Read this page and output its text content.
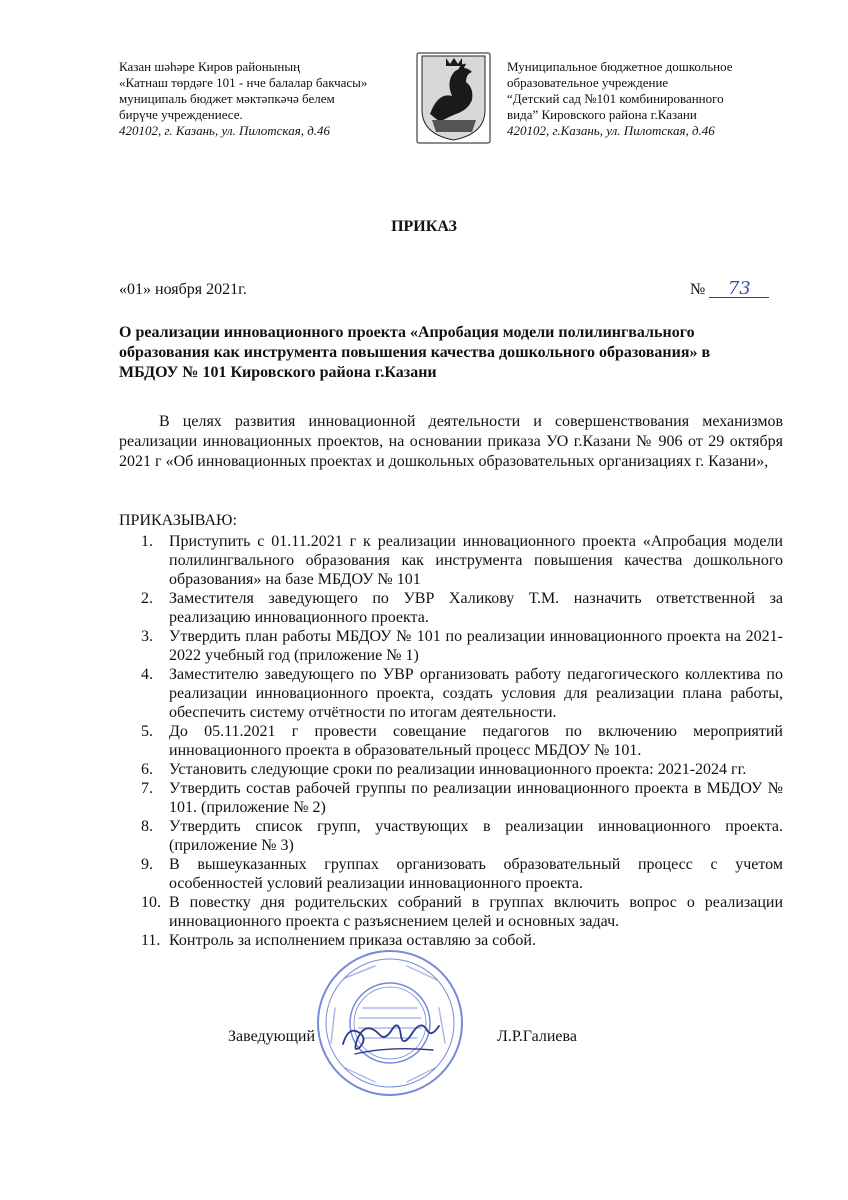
Казан шәһәре Киров районының
«Катнаш төрдәге 101 - нче балалар бакчасы»
муниципаль бюджет мәктәпкәчә белем
бирүче учреждениесе.
420102, г. Казань, ул. Пилотская, д.46
Муниципальное бюджетное дошкольное
образовательное учреждение
“Детский сад №101 комбинированного
вида” Кировского района г.Казани
420102, г.Казань, ул. Пилотская, д.46
ПРИКАЗ
«01» ноября 2021г.	№ 73
О реализации инновационного проекта «Апробация модели полилингвального образования как инструмента повышения качества дошкольного образования» в МБДОУ № 101 Кировского района г.Казани
В целях развития инновационной деятельности и совершенствования механизмов реализации инновационных проектов, на основании приказа УО г.Казани № 906 от 29 октября 2021 г «Об инновационных проектах и дошкольных образовательных организациях г. Казани»,
ПРИКАЗЫВАЮ:
1.	Приступить с 01.11.2021 г к реализации инновационного проекта «Апробация модели полилингвального образования как инструмента повышения качества дошкольного образования» на базе МБДОУ № 101
2.	Заместителя заведующего по УВР Халикову Т.М. назначить ответственной за реализацию инновационного проекта.
3.	Утвердить план работы МБДОУ № 101 по реализации инновационного проекта на 2021-2022 учебный год (приложение № 1)
4.	Заместителю заведующего по УВР организовать работу педагогического коллектива по реализации инновационного проекта, создать условия для реализации плана работы, обеспечить систему отчётности по итогам деятельности.
5.	До 05.11.2021 г провести совещание педагогов по включению мероприятий инновационного проекта в образовательный процесс МБДОУ № 101.
6.	Установить следующие сроки по реализации инновационного проекта: 2021-2024 гг.
7.	Утвердить состав рабочей группы по реализации инновационного проекта в МБДОУ № 101. (приложение № 2)
8.	Утвердить список групп, участвующих в реализации инновационного проекта. (приложение № 3)
9.	В вышеуказанных группах организовать образовательный процесс с учетом особенностей условий реализации инновационного проекта.
10. В повестку дня родительских собраний в группах включить вопрос о реализации инновационного проекта с разъяснением целей и основных задач.
11. Контроль за исполнением приказа оставляю за собой.
Заведующий	Л.Р.Галиева
